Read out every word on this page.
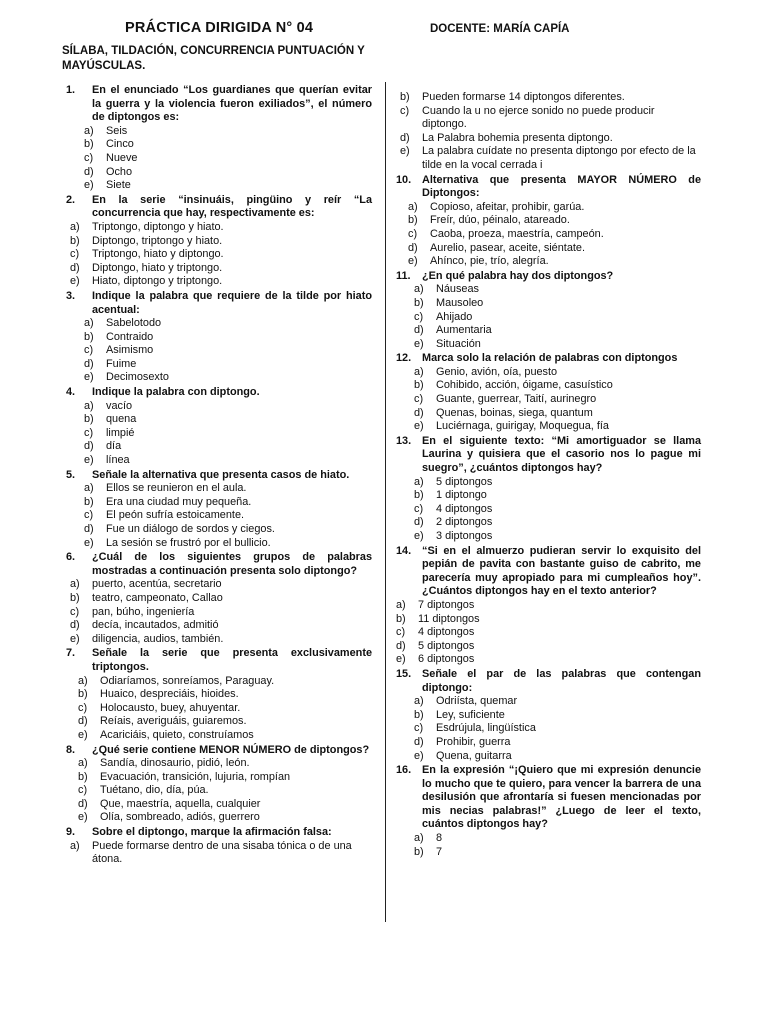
PRÁCTICA DIRIGIDA N° 04	DOCENTE: MARÍA CAPÍA
SÍLABA, TILDACIÓN, CONCURRENCIA PUNTUACIÓN Y MAYÚSCULAS.
1.	En el enunciado “Los guardianes que querían evitar la guerra y la violencia fueron exiliados”, el número de diptongos es:
a)	Seis
b)	Cinco
c)	Nueve
d)	Ocho
e)	Siete
2.	En la serie “insinuáis, pingüino y reír “La concurrencia que hay, respectivamente es:
a)	Triptongo, diptongo y hiato.
b)	Diptongo, triptongo y hiato.
c)	Triptongo, hiato y diptongo.
d)	Diptongo, hiato y triptongo.
e)	Hiato, diptongo y triptongo.
3.	Indique la palabra que requiere de la tilde por hiato acentual:
a)	Sabelotodo
b)	Contraido
c)	Asimismo
d)	Fuime
e)	Decimosexto
4.	Indique la palabra con diptongo.
a)	vacío
b)	quena
c)	limpié
d)	día
e)	línea
5.	Señale la alternativa que presenta casos de hiato.
a)	Ellos se reunieron en el aula.
b)	Era una ciudad muy pequeña.
c)	El peón sufría estoicamente.
d)	Fue un diálogo de sordos y ciegos.
e)	La sesión se frustró por el bullicio.
6.	¿Cuál de los siguientes grupos de palabras mostradas a continuación presenta solo diptongo?
a)	puerto, acentúa, secretario
b)	teatro, campeonato, Callao
c)	pan, búho, ingeniería
d)	decía, incautados, admitió
e)	diligencia, audios, también.
7.	Señale la serie que presenta exclusivamente triptongos.
a)	Odiaríamos, sonreíamos, Paraguay.
b)	Huaico, despreciáis, hioides.
c)	Holocausto, buey, ahuyentar.
d)	Reíais, averiguáis, guiaremos.
e)	Acariciáis, quieto, construíamos
8.	¿Qué serie contiene MENOR NÚMERO de diptongos?
a)	Sandía, dinosaurio, pidió, león.
b)	Evacuación, transición, lujuria, rompían
c)	Tuétano, dio, día, púa.
d)	Que, maestría, aquella, cualquier
e)	Olía, sombreado, adiós, guerrero
9.	Sobre el diptongo, marque la afirmación falsa:
a)	Puede formarse dentro de una sisaba tónica o de una átona.
b)	Pueden formarse 14 diptongos diferentes.
c)	Cuando la u no ejerce sonido no puede producir diptongo.
d)	La Palabra bohemia presenta diptongo.
e)	La palabra cuídate no presenta diptongo por efecto de la tilde en la vocal cerrada i
10. Alternativa que presenta MAYOR NÚMERO de Diptongos:
a)	Copioso, afeitar, prohibir, garúa.
b)	Freír, dúo, péinalo, atareado.
c)	Caoba, proeza, maestría, campeón.
d)	Aurelio, pasear, aceite, siéntate.
e)	Ahínco, pie, trío, alegría.
11.	¿En qué palabra hay dos diptongos?
a)	Náuseas
b)	Mausoleo
c)	Ahijado
d)	Aumentaria
e)	Situación
12. Marca solo la relación de palabras con diptongos
a)	Genio, avión, oía, puesto
b)	Cohibido, acción, óigame, casuístico
c)	Guante, guerrear, Taití, aurinegro
d)	Quenas, boinas, siega, quantum
e)	Luciérnaga, guirigay, Moquegua, fía
13. En el siguiente texto: “Mi amortiguador se llama Laurina y quisiera que el casorio nos lo pague mi suegro”, ¿cuántos diptongos hay?
a)	5 diptongos
b)	1 diptongo
c)	4 diptongos
d)	2 diptongos
e)	3 diptongos
14. “Si en el almuerzo pudieran servir lo exquisito del pepián de pavita con bastante guiso de cabrito, me parecería muy apropiado para mi cumpleaños hoy”. ¿Cuántos diptongos hay en el texto anterior?
a)	7 diptongos
b)	11 diptongos
c)	4 diptongos
d)	5 diptongos
e)	6 diptongos
15. Señale el par de las palabras que contengan diptongo:
a)	Odriísta, quemar
b)	Ley, suficiente
c)	Esdrújula, lingüística
d)	Prohibir, guerra
e)	Quena, guitarra
16. En la expresión “¡Quiero que mi expresión denuncie lo mucho que te quiero, para vencer la barrera de una desilusión que afrontaría si fuesen mencionadas por mis necias palabras!” ¿Luego de leer el texto, cuántos diptongos hay?
a)	8
b)	7
